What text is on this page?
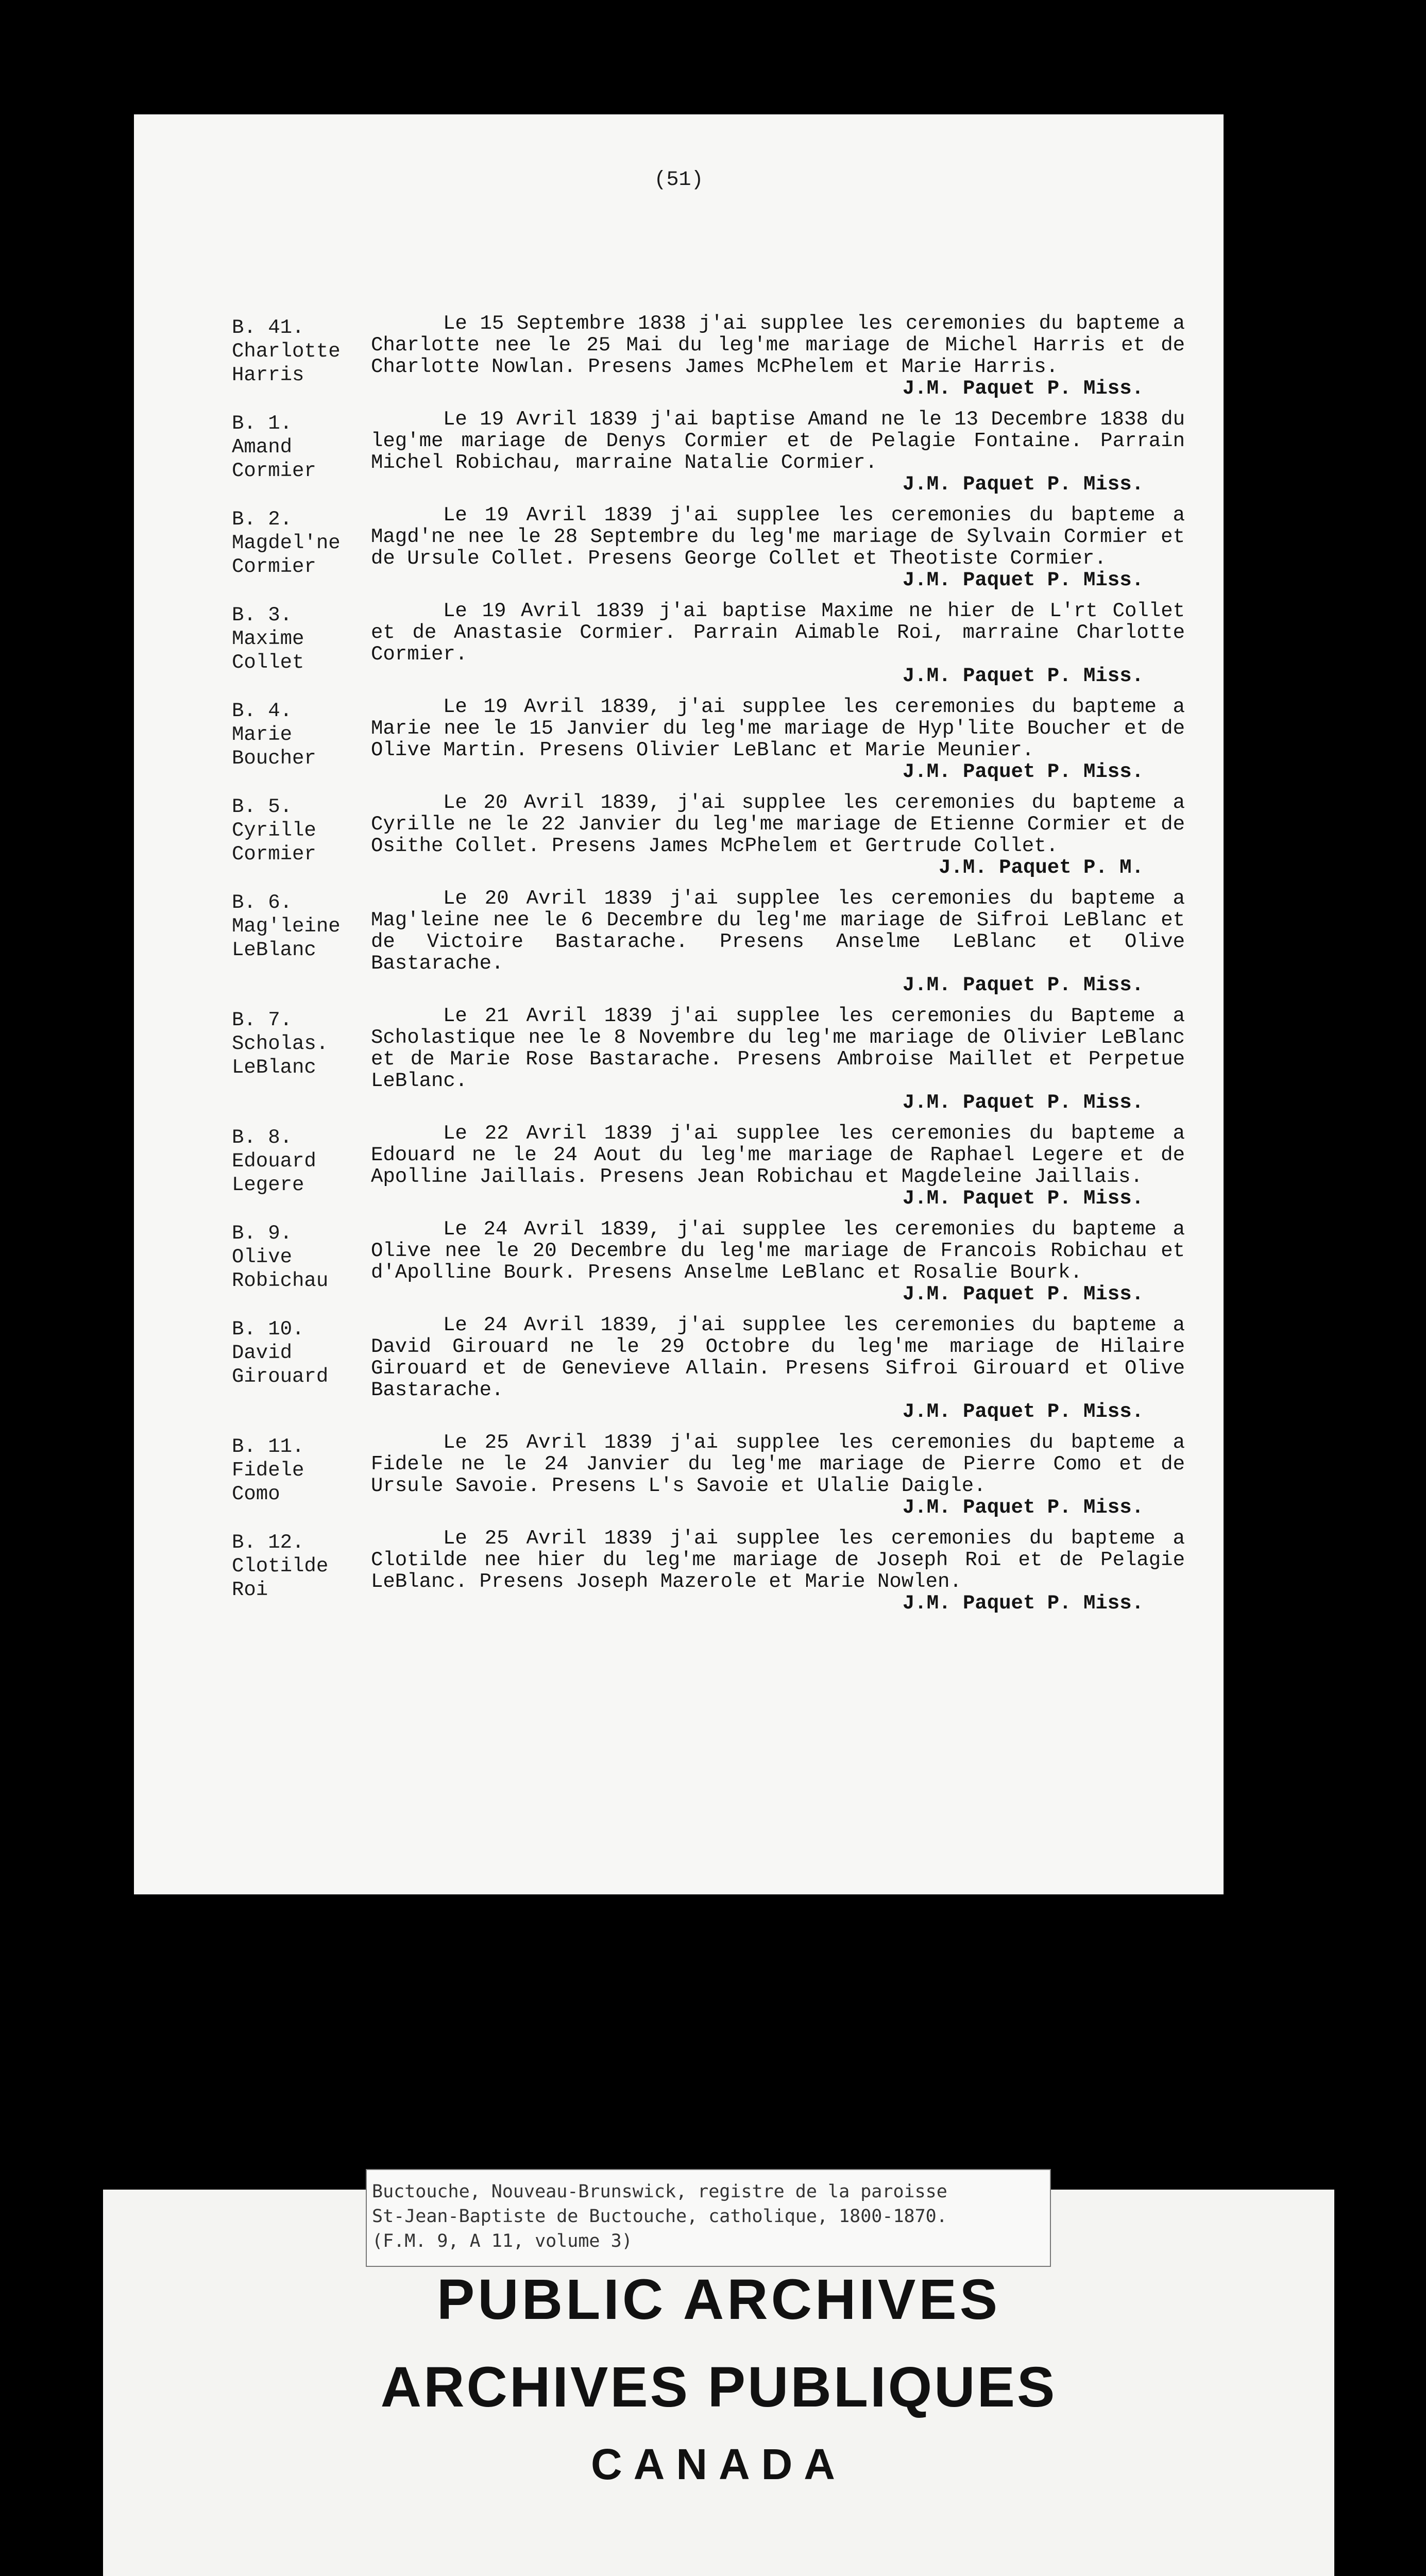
(51)
B. 41.
Charlotte
Harris
Le 15 Septembre 1838 j'ai supplee les ceremonies du bapteme a Charlotte nee le 25 Mai du leg'me mariage de Michel Harris et de Charlotte Nowlan. Presens James McPhelem et Marie Harris.
J.M. Paquet P. Miss.
B. 1.
Amand
Cormier
Le 19 Avril 1839 j'ai baptise Amand ne le 13 Decembre 1838 du leg'me mariage de Denys Cormier et de Pelagie Fontaine. Parrain Michel Robichau, marraine Natalie Cormier.
J.M. Paquet P. Miss.
B. 2.
Magdel'ne
Cormier
Le 19 Avril 1839 j'ai supplee les ceremonies du bapteme a Magd'ne nee le 28 Septembre du leg'me mariage de Sylvain Cormier et de Ursule Collet. Presens George Collet et Theotiste Cormier.
J.M. Paquet P. Miss.
B. 3.
Maxime
Collet
Le 19 Avril 1839 j'ai baptise Maxime ne hier de L'rt Collet et de Anastasie Cormier. Parrain Aimable Roi, marraine Charlotte Cormier.
J.M. Paquet P. Miss.
B. 4.
Marie
Boucher
Le 19 Avril 1839, j'ai supplee les ceremonies du bapteme a Marie nee le 15 Janvier du leg'me mariage de Hyp'lite Boucher et de Olive Martin. Presens Olivier LeBlanc et Marie Meunier.
J.M. Paquet P. Miss.
B. 5.
Cyrille
Cormier
Le 20 Avril 1839, j'ai supplee les ceremonies du bapteme a Cyrille ne le 22 Janvier du leg'me mariage de Etienne Cormier et de Osithe Collet. Presens James McPhelem et Gertrude Collet.
J.M. Paquet P. M.
B. 6.
Mag'leine
LeBlanc
Le 20 Avril 1839 j'ai supplee les ceremonies du bapteme a Mag'leine nee le 6 Decembre du leg'me mariage de Sifroi LeBlanc et de Victoire Bastarache. Presens Anselme LeBlanc et Olive Bastarache.
J.M. Paquet P. Miss.
B. 7.
Scholas.
LeBlanc
Le 21 Avril 1839 j'ai supplee les ceremonies du Bapteme a Scholastique nee le 8 Novembre du leg'me mariage de Olivier LeBlanc et de Marie Rose Bastarache. Presens Ambroise Maillet et Perpetue LeBlanc.
J.M. Paquet P. Miss.
B. 8.
Edouard
Legere
Le 22 Avril 1839 j'ai supplee les ceremonies du bapteme a Edouard ne le 24 Aout du leg'me mariage de Raphael Legere et de Apolline Jaillais. Presens Jean Robichau et Magdeleine Jaillais.
J.M. Paquet P. Miss.
B. 9.
Olive
Robichau
Le 24 Avril 1839, j'ai supplee les ceremonies du bapteme a Olive nee le 20 Decembre du leg'me mariage de Francois Robichau et d'Apolline Bourk. Presens Anselme LeBlanc et Rosalie Bourk.
J.M. Paquet P. Miss.
B. 10.
David
Girouard
Le 24 Avril 1839, j'ai supplee les ceremonies du bapteme a David Girouard ne le 29 Octobre du leg'me mariage de Hilaire Girouard et de Genevieve Allain. Presens Sifroi Girouard et Olive Bastarache.
J.M. Paquet P. Miss.
B. 11.
Fidele
Como
Le 25 Avril 1839 j'ai supplee les ceremonies du bapteme a Fidele ne le 24 Janvier du leg'me mariage de Pierre Como et de Ursule Savoie. Presens L's Savoie et Ulalie Daigle.
J.M. Paquet P. Miss.
B. 12.
Clotilde
Roi
Le 25 Avril 1839 j'ai supplee les ceremonies du bapteme a Clotilde nee hier du leg'me mariage de Joseph Roi et de Pelagie LeBlanc. Presens Joseph Mazerole et Marie Nowlen.
J.M. Paquet P. Miss.
Buctouche, Nouveau-Brunswick, registre de la paroisse
St-Jean-Baptiste de Buctouche, catholique, 1800-1870.
(F.M. 9, A 11, volume 3)
PUBLIC ARCHIVES
ARCHIVES PUBLIQUES
CANADA
